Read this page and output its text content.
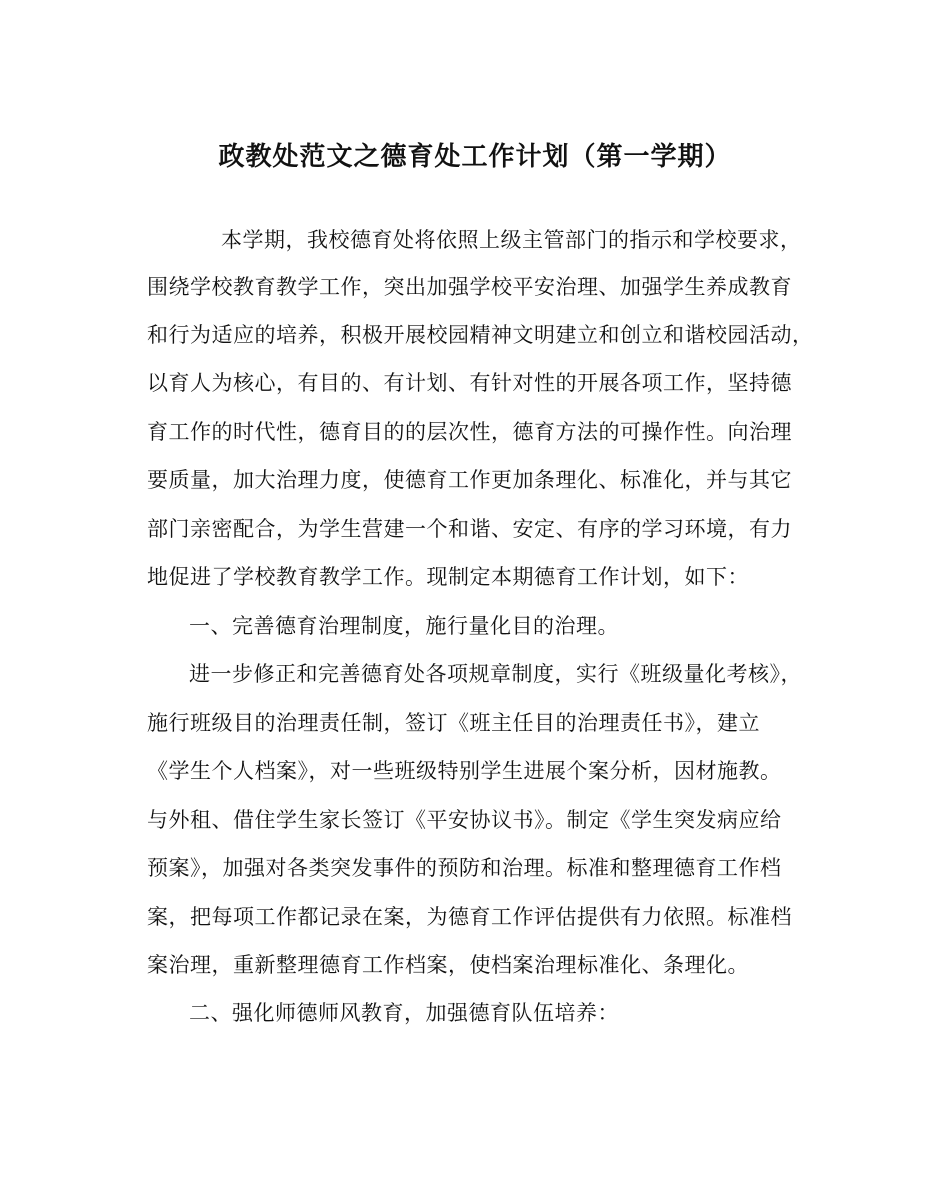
政教处范文之德育处工作计划（第一学期）
本学期，我校德育处将依照上级主管部门的指示和学校要求，
围绕学校教育教学工作，突出加强学校平安治理、加强学生养成教育
和行为适应的培养，积极开展校园精神文明建立和创立和谐校园活动，
以育人为核心，有目的、有计划、有针对性的开展各项工作，坚持德
育工作的时代性，德育目的的层次性，德育方法的可操作性。向治理
要质量，加大治理力度，使德育工作更加条理化、标准化，并与其它
部门亲密配合，为学生营建一个和谐、安定、有序的学习环境，有力
地促进了学校教育教学工作。现制定本期德育工作计划，如下：
一、完善德育治理制度，施行量化目的治理。
进一步修正和完善德育处各项规章制度，实行《班级量化考核》，
施行班级目的治理责任制，签订《班主任目的治理责任书》，建立
《学生个人档案》，对一些班级特别学生进展个案分析，因材施教。
与外租、借住学生家长签订《平安协议书》。制定《学生突发病应给
预案》，加强对各类突发事件的预防和治理。标准和整理德育工作档
案，把每项工作都记录在案，为德育工作评估提供有力依照。标准档
案治理，重新整理德育工作档案，使档案治理标准化、条理化。
二、强化师德师风教育，加强德育队伍培养：
